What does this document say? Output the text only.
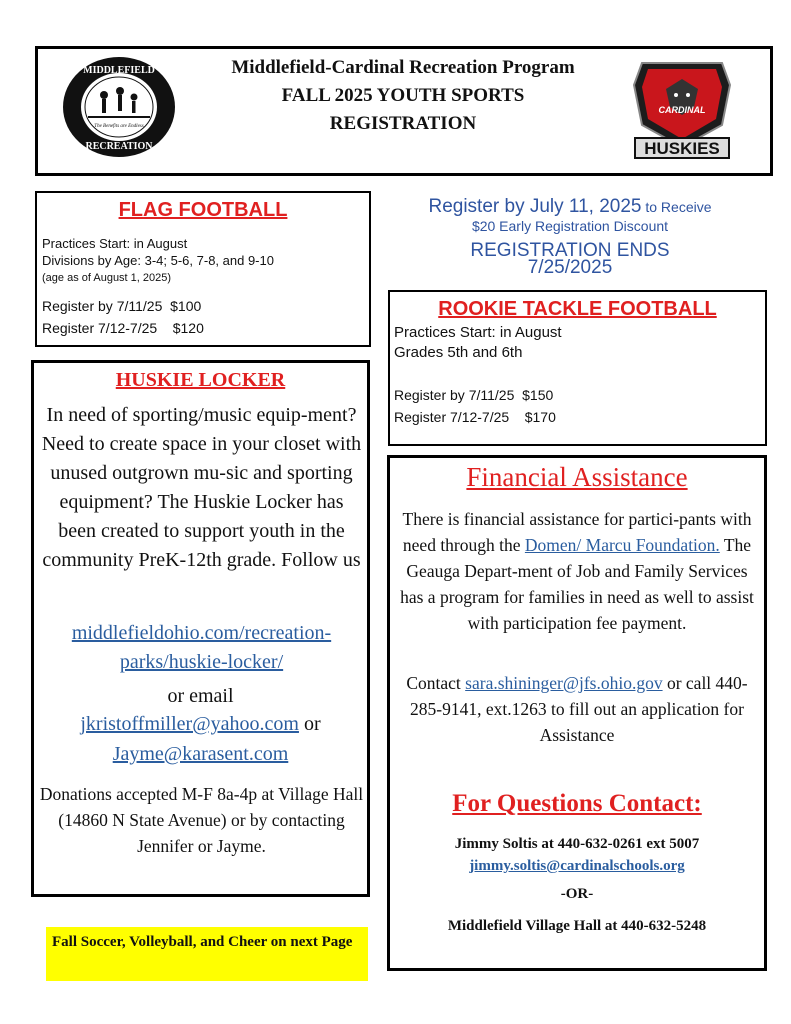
MIDDLEFIELD
The Benefits are Endless
RECREATION
Middlefield-Cardinal Recreation Program
FALL 2025 YOUTH SPORTS
REGISTRATION
CARDINAL
HUSKIES
FLAG FOOTBALL
Practices Start: in August
Divisions by Age: 3-4; 5-6, 7-8, and 9-10
(age as of August 1, 2025)
Register by 7/11/25  $100
Register 7/12-7/25    $120
Register by July 11, 2025 to Receive
$20 Early Registration Discount
REGISTRATION ENDS
7/25/2025
ROOKIE TACKLE FOOTBALL
Practices Start: in August
Grades 5th and 6th
Register by 7/11/25  $150
Register 7/12-7/25    $170
HUSKIE LOCKER
In need of sporting/music equip-ment? Need to create space in your closet with unused outgrown mu-sic and sporting equipment? The Huskie Locker has been created to support youth in the community PreK-12th grade. Follow us
middlefieldohio.com/recreation-parks/huskie-locker/
or email
jkristoffmiller@yahoo.com or
Jayme@karasent.com
Donations accepted M-F 8a-4p at Village Hall (14860 N State Avenue) or by contacting Jennifer or Jayme.
Financial Assistance
There is financial assistance for partici-pants with need through the Domen/ Marcu Foundation. The Geauga Depart-ment of Job and Family Services has a program for families in need as well to assist with participation fee payment.
Contact sara.shininger@jfs.ohio.gov or call 440-285-9141, ext.1263 to fill out an application for Assistance
For Questions Contact:
Jimmy Soltis at 440-632-0261 ext 5007
jimmy.soltis@cardinalschools.org
-OR-
Middlefield Village Hall at 440-632-5248
Fall Soccer, Volleyball, and Cheer on next Page
